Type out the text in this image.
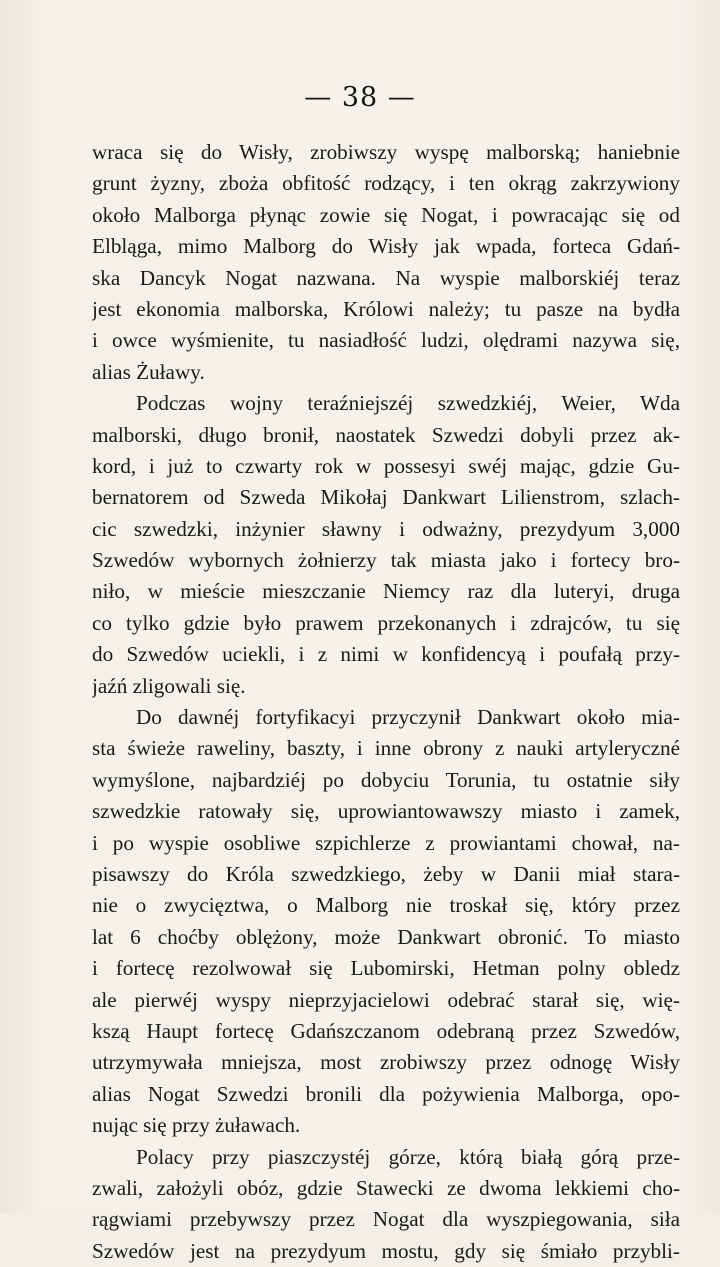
— 38 —
wraca się do Wisły, zrobiwszy wyspę malborską; haniebnie
grunt żyzny, zboża obfitość rodzący, i ten okrąg zakrzywiony
około Malborga płynąc zowie się Nogat, i powracając się od
Elbląga, mimo Malborg do Wisły jak wpada, forteca Gdań-
ska Dancyk Nogat nazwana. Na wyspie malborskiéj teraz
jest ekonomia malborska, Królowi należy; tu pasze na bydła
i owce wyśmienite, tu nasiadłość ludzi, olędrami nazywa się,
alias Żuławy.
Podczas wojny teraźniejszéj szwedzkiéj, Weier, Wda
malborski, długo bronił, naostatek Szwedzi dobyli przez ak-
kord, i już to czwarty rok w possesyi swéj mając, gdzie Gu-
bernatorem od Szweda Mikołaj Dankwart Lilienstrom, szlach-
cic szwedzki, inżynier sławny i odważny, prezydyum 3,000
Szwedów wybornych żołnierzy tak miasta jako i fortecy bro-
niło, w mieście mieszczanie Niemcy raz dla luteryi, druga
co tylko gdzie było prawem przekonanych i zdrajców, tu się
do Szwedów uciekli, i z nimi w konfidencyą i poufałą przy-
jaźń zligowali się.
Do dawnéj fortyfikacyi przyczynił Dankwart około mia-
sta świeże raweliny, baszty, i inne obrony z nauki artyleryczné
wymyślone, najbardziéj po dobyciu Torunia, tu ostatnie siły
szwedzkie ratowały się, uprowiantowawszy miasto i zamek,
i po wyspie osobliwe szpichlerze z prowiantami chował, na-
pisawszy do Króla szwedzkiego, żeby w Danii miał stara-
nie o zwycięztwa, o Malborg nie troskał się, który przez
lat 6 choćby oblężony, może Dankwart obronić. To miasto
i fortecę rezolwował się Lubomirski, Hetman polny obledz
ale pierwéj wyspy nieprzyjacielowi odebrać starał się, wię-
kszą Haupt fortecę Gdańszczanom odebraną przez Szwedów,
utrzymywała mniejsza, most zrobiwszy przez odnogę Wisły
alias Nogat Szwedzi bronili dla pożywienia Malborga, opo-
nując się przy żuławach.
Polacy przy piaszczystéj górze, którą białą górą prze-
zwali, założyli obóz, gdzie Stawecki ze dwoma lekkiemi cho-
rągwiami przebywszy przez Nogat dla wyszpiegowania, siła
Szwedów jest na prezydyum mostu, gdy się śmiało przybli-
